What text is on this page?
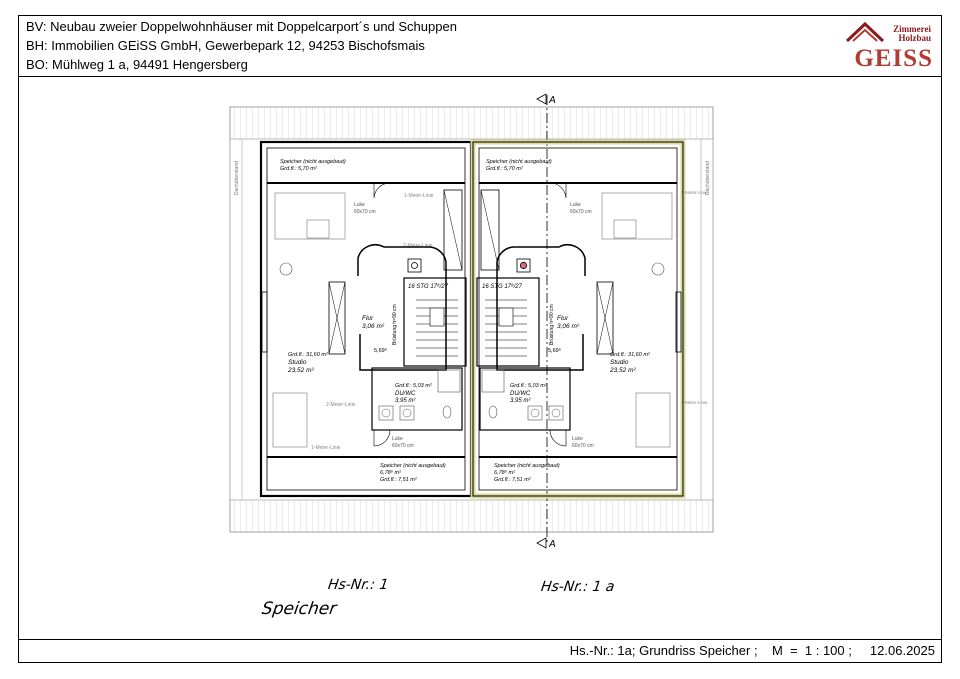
BV: Neubau zweier Doppelwohnhäuser mit Doppelcarport´s und Schuppen
BH: Immobilien GEiSS GmbH, Gewerbepark 12, 94253 Bischofsmais
BO: Mühlweg 1 a, 94491 Hengersberg
Zimmerei
Holzbau
GEISS
Hs.-Nr.: 1a; Grundriss Speicher ;    M  =  1 : 100 ;     12.06.2025
Dachüberstand	Dachüberstand
A
A
Speicher (nicht ausgebaut)
Grd.fl.: 5,70 m²
Luke
60x70 cm
1-Meter-Linie
2-Meter-Linie
16 STG 17⁸/27
Brüstung h=90 cm
Flur
3,06 m²
5,69⁶
Grd.fl.: 31,60 m²
Studio
23,52 m²
Grd.fl.: 5,03 m²
DU/WC
3,95 m²
2-Meter-Linie
1-Meter-Linie
Luke
60x70 cm
Speicher (nicht ausgebaut)
6,78⁵ m²
Grd.fl.: 7,51 m²
Speicher (nicht ausgebaut)
Grd.fl.: 5,70 m²
Luke
60x70 cm
1-Meter-Linie
16 STG 17⁸/27
Brüstung h=90 cm Flur
3,06 m²
5,69⁶
Grd.fl.: 31,60 m²
Studio
23,52 m²
Grd.fl.: 5,03 m²
DU/WC
3,95 m²	1-Meter-Linie
Luke
60x70 cm
Speicher (nicht ausgebaut)
6,78⁵ m²
Grd.fl.: 7,51 m²
Hs-Nr.: 1	Hs-Nr.: 1 a
Speicher
